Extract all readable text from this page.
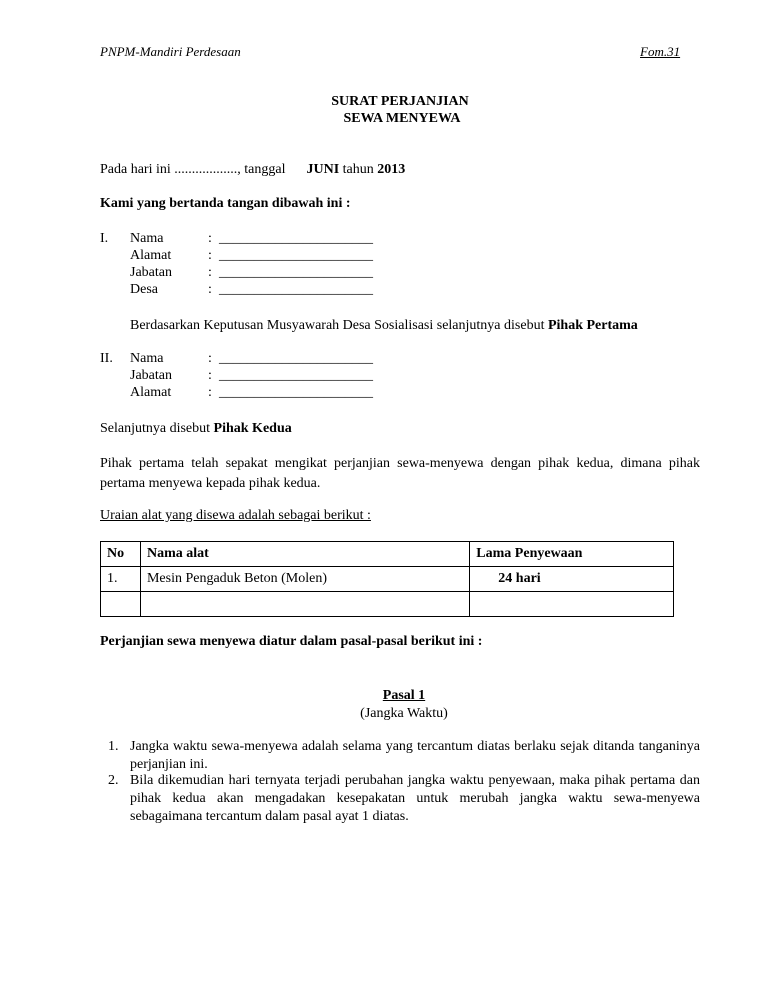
PNPM-Mandiri Perdesaan	Fom.31
SURAT PERJANJIAN
SEWA MENYEWA
Pada hari ini .................., tanggal JUNI tahun 2013
Kami yang bertanda tangan dibawah ini :
I. Nama	: ______________________
Alamat	: ______________________
Jabatan	: ______________________
Desa	: ______________________
Berdasarkan Keputusan Musyawarah Desa Sosialisasi selanjutnya disebut Pihak Pertama
II. Nama	: ______________________
Jabatan	: ______________________
Alamat	: ______________________
Selanjutnya disebut Pihak Kedua
Pihak pertama telah sepakat mengikat perjanjian sewa-menyewa dengan pihak kedua, dimana pihak pertama menyewa kepada pihak kedua.
Uraian alat yang disewa adalah sebagai berikut :
No	Nama alat	Lama Penyewaan
1.	Mesin Pengaduk Beton (Molen)	24 hari

Perjanjian sewa menyewa diatur dalam pasal-pasal berikut ini :
Pasal 1
(Jangka Waktu)
1. Jangka waktu sewa-menyewa adalah selama yang tercantum diatas berlaku sejak ditanda tanganinya perjanjian ini.
2. Bila dikemudian hari ternyata terjadi perubahan jangka waktu penyewaan, maka pihak pertama dan pihak kedua akan mengadakan kesepakatan untuk merubah jangka waktu sewa-menyewa sebagaimana tercantum dalam pasal ayat 1 diatas.
